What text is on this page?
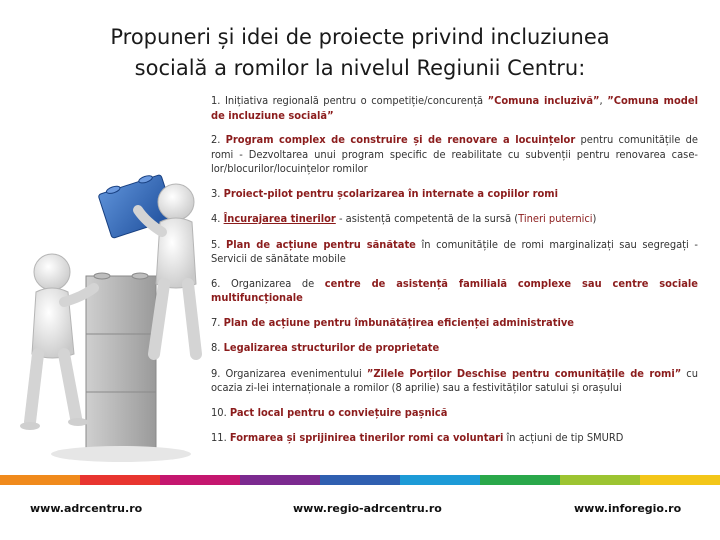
Propuneri și idei de proiecte privind incluziunea
socială a romilor la nivelul Regiunii Centru:
1. Inițiativa regională pentru o competiție/concurență ”Comuna incluzivă”, ”Comuna model de incluziune socială”
2. Program complex de construire și de renovare a locuințelor pentru comunitățile de romi - Dezvoltarea unui program specific de reabilitate cu subvenții pentru renovarea case-lor/blocurilor/locuințelor romilor
3. Proiect-pilot pentru școlarizarea în internate a copiilor romi
4. Încurajarea tinerilor - asistență competentă de la sursă (Tineri puternici)
5. Plan de acțiune pentru sănătate în comunitățile de romi marginalizați sau segregați - Servicii de sănătate mobile
6. Organizarea de centre de asistență familială complexe sau centre sociale multifuncționale
7. Plan de acțiune pentru îmbunătățirea eficienței administrative
8. Legalizarea structurilor de proprietate
9. Organizarea evenimentului ”Zilele Porților Deschise pentru comunitățile de romi” cu ocazia zi-lei internaționale a romilor (8 aprilie) sau a festivităților satului și orașului
10. Pact local pentru o conviețuire pașnică
11. Formarea și sprijinirea tinerilor romi ca voluntari în acțiuni de tip SMURD
www.adrcentru.ro	www.regio-adrcentru.ro	www.inforegio.ro
